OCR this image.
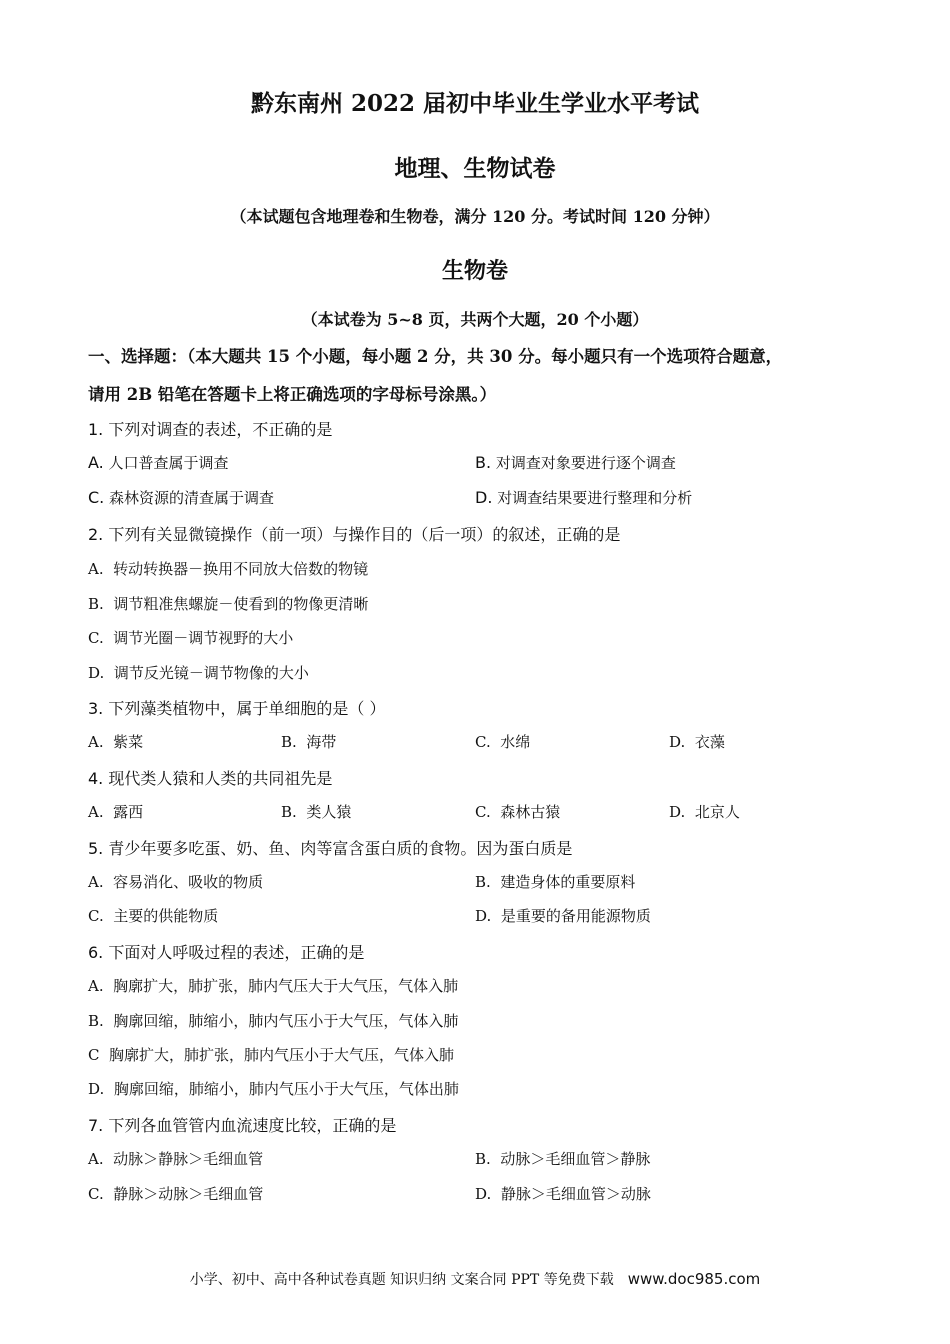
黔东南州 2022 届初中毕业生学业水平考试
地理、生物试卷
（本试题包含地理卷和生物卷，满分 120 分。考试时间 120 分钟）
生物卷
（本试卷为 5~8 页，共两个大题，20 个小题）
一、选择题：（本大题共 15 个小题，每小题 2 分，共 30 分。每小题只有一个选项符合题意，
请用 2B 铅笔在答题卡上将正确选项的字母标号涂黑。）
1. 下列对调查的表述，不正确的是
A. 人口普查属于调查	B. 对调查对象要进行逐个调查
C. 森林资源的清查属于调查	D. 对调查结果要进行整理和分析
2. 下列有关显微镜操作（前一项）与操作目的（后一项）的叙述，正确的是
A. 转动转换器－换用不同放大倍数的物镜
B. 调节粗准焦螺旋－使看到的物像更清晰
C. 调节光圈－调节视野的大小
D. 调节反光镜－调节物像的大小
3. 下列藻类植物中，属于单细胞的是（ ）
A. 紫菜	B. 海带	C. 水绵	D. 衣藻
4. 现代类人猿和人类的共同祖先是
A. 露西	B. 类人猿	C. 森林古猿	D. 北京人
5. 青少年要多吃蛋、奶、鱼、肉等富含蛋白质的食物。因为蛋白质是
A. 容易消化、吸收的物质	B. 建造身体的重要原料
C. 主要的供能物质	D. 是重要的备用能源物质
6. 下面对人呼吸过程的表述，正确的是
A. 胸廓扩大，肺扩张，肺内气压大于大气压，气体入肺
B. 胸廓回缩，肺缩小，肺内气压小于大气压，气体入肺
C 胸廓扩大，肺扩张，肺内气压小于大气压，气体入肺
D. 胸廓回缩，肺缩小，肺内气压小于大气压，气体出肺
7. 下列各血管管内血流速度比较，正确的是
A. 动脉＞静脉＞毛细血管	B. 动脉＞毛细血管＞静脉
C. 静脉＞动脉＞毛细血管	D. 静脉＞毛细血管＞动脉
小学、初中、高中各种试卷真题 知识归纳 文案合同 PPT 等免费下载 www.doc985.com
